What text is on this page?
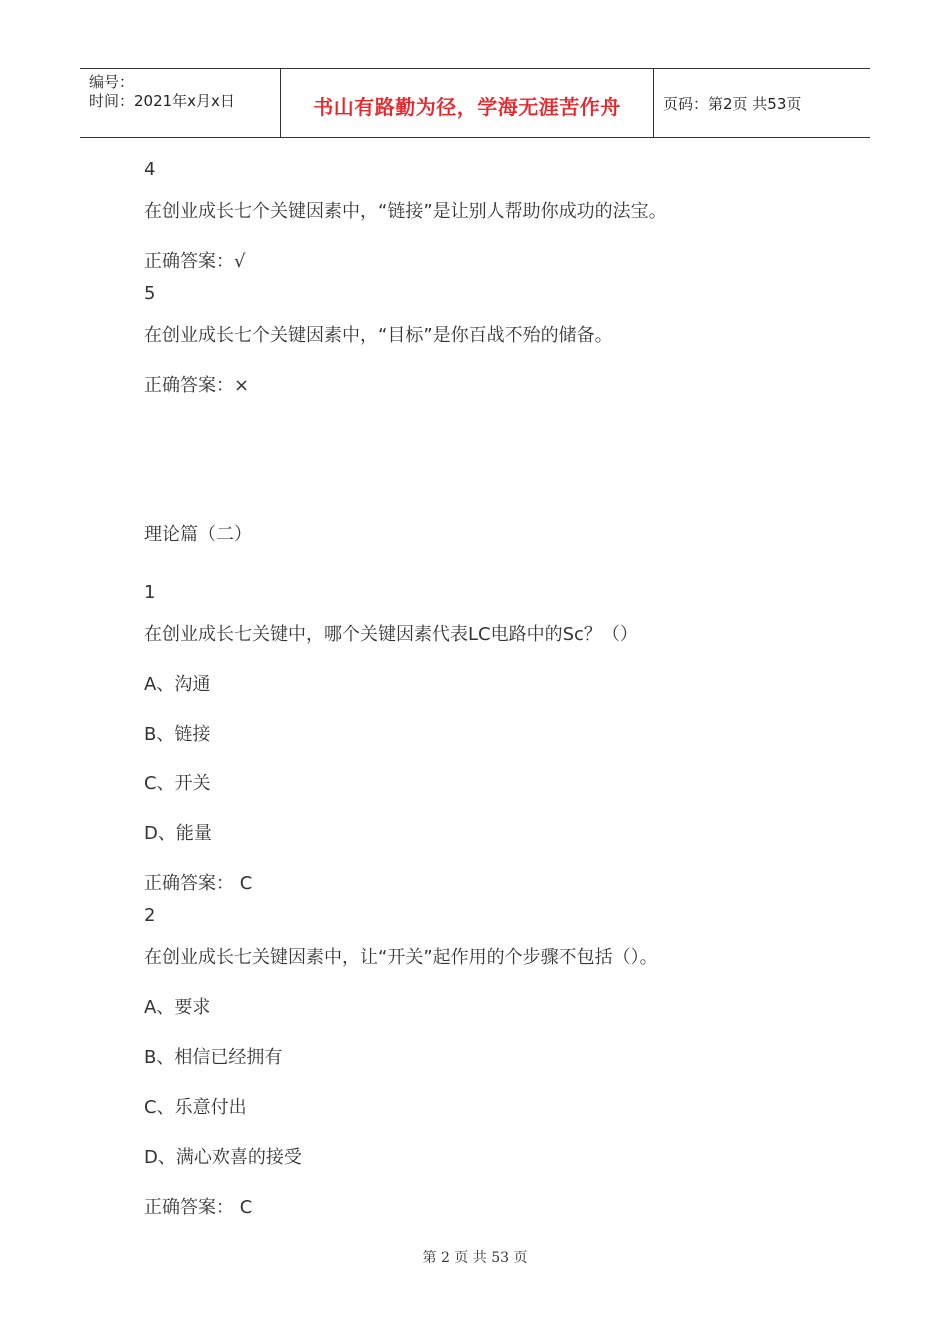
编号：
时间：2021年x月x日	书山有路勤为径，学海无涯苦作舟	页码：第2页 共53页
4
在创业成长七个关键因素中，“链接”是让别人帮助你成功的法宝。
正确答案：√
5
在创业成长七个关键因素中，“目标”是你百战不殆的储备。
正确答案：×
理论篇（二）
1
在创业成长七关键中，哪个关键因素代表LC电路中的Sc？（）
A、沟通
B、链接
C、开关
D、能量
正确答案： C
2
在创业成长七关键因素中，让“开关”起作用的个步骤不包括（）。
A、要求
B、相信已经拥有
C、乐意付出
D、满心欢喜的接受
正确答案： C
第 2 页 共 53 页
